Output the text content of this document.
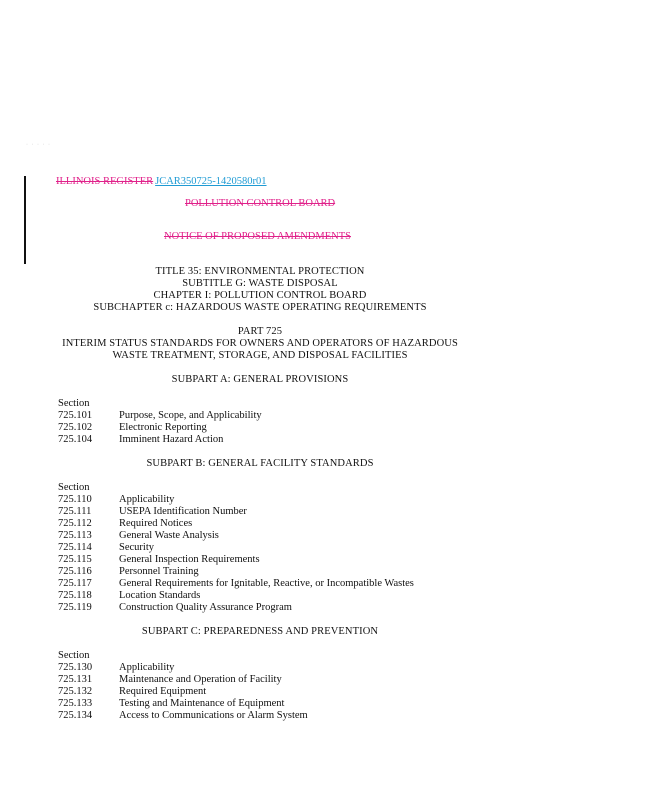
· · · · ·
ILLINOIS REGISTER JCAR350725-1420580r01
POLLUTION CONTROL BOARD
NOTICE OF PROPOSED AMENDMENTS
TITLE 35: ENVIRONMENTAL PROTECTION
SUBTITLE G: WASTE DISPOSAL
CHAPTER I: POLLUTION CONTROL BOARD
SUBCHAPTER c: HAZARDOUS WASTE OPERATING REQUIREMENTS
PART 725
INTERIM STATUS STANDARDS FOR OWNERS AND OPERATORS OF HAZARDOUS
WASTE TREATMENT, STORAGE, AND DISPOSAL FACILITIES
SUBPART A: GENERAL PROVISIONS
Section
725.101	Purpose, Scope, and Applicability
725.102	Electronic Reporting
725.104	Imminent Hazard Action
SUBPART B: GENERAL FACILITY STANDARDS
Section
725.110	Applicability
725.111	USEPA Identification Number
725.112	Required Notices
725.113	General Waste Analysis
725.114	Security
725.115	General Inspection Requirements
725.116	Personnel Training
725.117	General Requirements for Ignitable, Reactive, or Incompatible Wastes
725.118	Location Standards
725.119	Construction Quality Assurance Program
SUBPART C: PREPAREDNESS AND PREVENTION
Section
725.130	Applicability
725.131	Maintenance and Operation of Facility
725.132	Required Equipment
725.133	Testing and Maintenance of Equipment
725.134	Access to Communications or Alarm System
